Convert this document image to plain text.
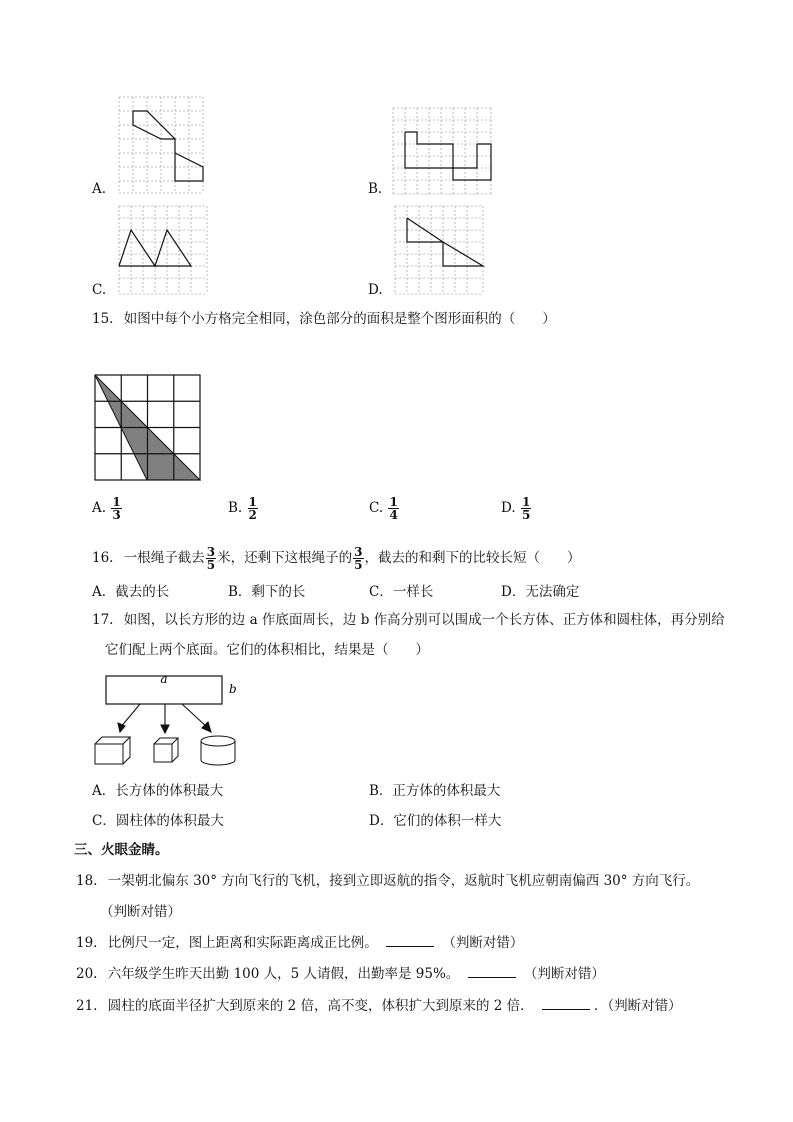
A.	B.
C.	D.
15. 如图中每个小方格完全相同，涂色部分的面积是整个图形面积的（　　）
A. $\frac{1}{3}$	B. $\frac{1}{2}$	C. $\frac{1}{4}$	D. $\frac{1}{5}$
16. 一根绳子截去 $\frac{3}{5}$ 米，还剩下这根绳子的 $\frac{3}{5}$ ，截去的和剩下的比较长短（　　）
A．截去的长	B．剩下的长	C．一样长	D．无法确定
17. 如图，以长方形的边 a 作底面周长，边 b 作高分别可以围成一个长方体、正方体和圆柱体，再分别给
它们配上两个底面。它们的体积相比，结果是（　　）
a
b
A．长方体的体积最大	B．正方体的体积最大
C．圆柱体的体积最大	D．它们的体积一样大
三、火眼金睛。
18. 一架朝北偏东 30° 方向飞行的飞机，接到立即返航的指令，返航时飞机应朝南偏西 30° 方向飞行。
（判断对错）
19. 比例尺一定，图上距离和实际距离成正比例。	（判断对错）
20. 六年级学生昨天出勤 100 人，5 人请假，出勤率是 95%。	（判断对错）
21. 圆柱的底面半径扩大到原来的 2 倍，高不变，体积扩大到原来的 2 倍．	．（判断对错）
